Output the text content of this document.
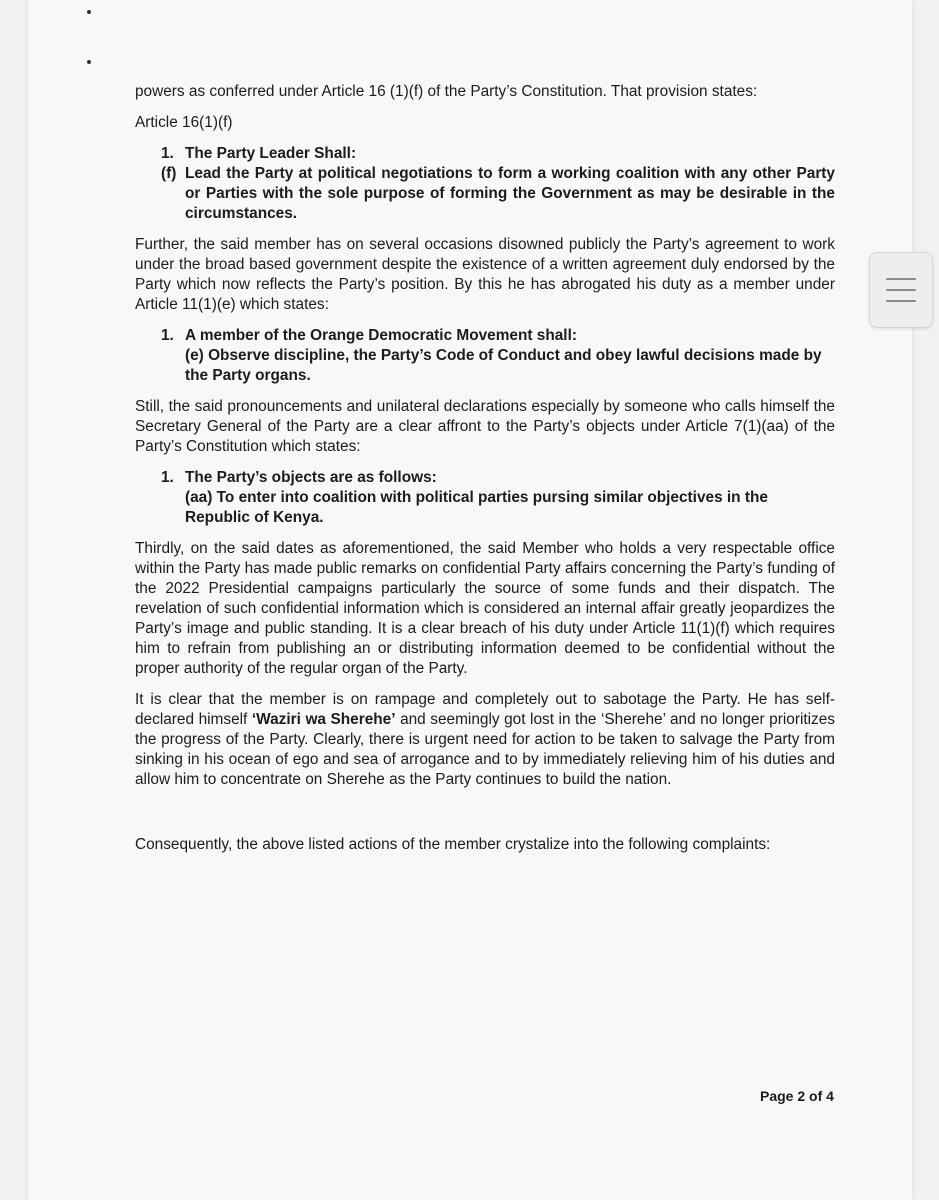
powers as conferred under Article 16 (1)(f) of the Party’s Constitution. That provision states:

Article 16(1)(f)

1. The Party Leader Shall:
(f) Lead the Party at political negotiations to form a working coalition with any other Party or Parties with the sole purpose of forming the Government as may be desirable in the circumstances.

Further, the said member has on several occasions disowned publicly the Party’s agreement to work under the broad based government despite the existence of a written agreement duly endorsed by the Party which now reflects the Party’s position. By this he has abrogated his duty as a member under Article 11(1)(e) which states:

1. A member of the Orange Democratic Movement shall:
(e) Observe discipline, the Party’s Code of Conduct and obey lawful decisions made by the Party organs.

Still, the said pronouncements and unilateral declarations especially by someone who calls himself the Secretary General of the Party are a clear affront to the Party’s objects under Article 7(1)(aa) of the Party’s Constitution which states:

1. The Party’s objects are as follows:
(aa) To enter into coalition with political parties pursing similar objectives in the Republic of Kenya.

Thirdly, on the said dates as aforementioned, the said Member who holds a very respectable office within the Party has made public remarks on confidential Party affairs concerning the Party’s funding of the 2022 Presidential campaigns particularly the source of some funds and their dispatch. The revelation of such confidential information which is considered an internal affair greatly jeopardizes the Party’s image and public standing. It is a clear breach of his duty under Article 11(1)(f) which requires him to refrain from publishing an or distributing information deemed to be confidential without the proper authority of the regular organ of the Party.

It is clear that the member is on rampage and completely out to sabotage the Party. He has self-declared himself ‘Waziri wa Sherehe’ and seemingly got lost in the ‘Sherehe’ and no longer prioritizes the progress of the Party. Clearly, there is urgent need for action to be taken to salvage the Party from sinking in his ocean of ego and sea of arrogance and to by immediately relieving him of his duties and allow him to concentrate on Sherehe as the Party continues to build the nation.

Consequently, the above listed actions of the member crystalize into the following complaints:

Page 2 of 4
